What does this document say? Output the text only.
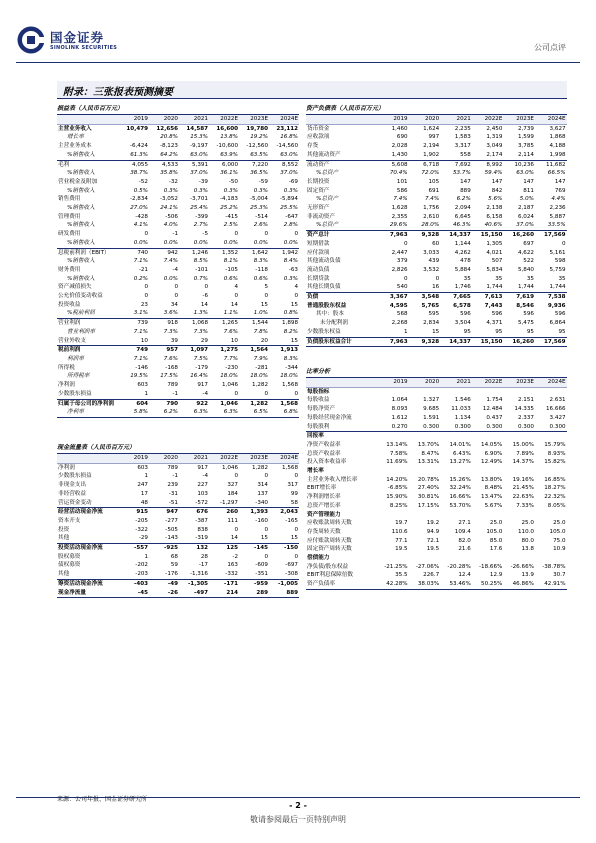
国金证券
SINOLINK SECURITIES	公司点评
附录：三张报表预测摘要
损益表（人民币百万元）
	2019	2020	2021	2022E	2023E	2024E
主营业务收入	10,479	12,656	14,587	16,600	19,780	23,112
增长率		20.8%	15.3%	13.8%	19.2%	16.8%
主营业务成本	-6,424	-8,123	-9,197	-10,600	-12,560	-14,560
%销售收入	61.3%	64.2%	63.0%	63.9%	63.5%	63.0%
毛利	4,055	4,533	5,391	6,000	7,220	8,552
%销售收入	38.7%	35.8%	37.0%	36.1%	36.5%	37.0%
营业税金及附加	-52	-32	-39	-50	-59	-69
%销售收入	0.5%	0.3%	0.3%	0.3%	0.3%	0.3%
销售费用	-2,834	-3,052	-3,701	-4,183	-5,004	-5,894
%销售收入	27.0%	24.1%	25.4%	25.2%	25.3%	25.5%
管理费用	-428	-506	-399	-415	-514	-647
%销售收入	4.1%	4.0%	2.7%	2.5%	2.6%	2.8%
研发费用	0	-1	-5	0	0	0
%销售收入	0.0%	0.0%	0.0%	0.0%	0.0%	0.0%
息税前利润（EBIT）	740	942	1,246	1,352	1,642	1,942
%销售收入	7.1%	7.4%	8.5%	8.1%	8.3%	8.4%
财务费用	-21	-4	-101	-105	-118	-63
%销售收入	0.2%	0.0%	0.7%	0.6%	0.6%	0.3%
资产减值损失	0	0	0	4	5	4
公允价值变动收益	0	0	-6	0	0	0
投资收益	23	34	14	14	15	15
%税前利润	3.1%	3.6%	1.3%	1.1%	1.0%	0.8%
营业利润	739	918	1,068	1,265	1,544	1,898
营业利润率	7.1%	7.3%	7.3%	7.6%	7.8%	8.2%
营业外收支	10	39	29	10	20	15
税前利润	749	957	1,097	1,275	1,564	1,913
利润率	7.1%	7.6%	7.5%	7.7%	7.9%	8.3%
所得税	-146	-168	-179	-230	-281	-344
所得税率	19.5%	17.5%	16.4%	18.0%	18.0%	18.0%
净利润	603	789	917	1,046	1,282	1,568
少数股东损益	1	-1	-4	0	0	0
归属于母公司的净利润	604	790	922	1,046	1,282	1,568
净利率	5.8%	6.2%	6.3%	6.3%	6.5%	6.8%
资产负债表（人民币百万元）
	2019	2020	2021	2022E	2023E	2024E
货币资金	1,460	1,624	2,235	2,450	2,739	3,627
应收款项	690	997	1,583	1,319	1,599	1,868
存货	2,028	2,194	3,317	3,049	3,785	4,188
其他流动资产	1,430	1,902	558	2,174	2,114	1,998
流动资产	5,608	6,718	7,692	8,992	10,236	11,682
%总资产	70.4%	72.0%	53.7%	59.4%	63.0%	66.5%
长期投资	101	105	147	147	147	147
固定资产	586	691	889	842	811	769
%总资产	7.4%	7.4%	6.2%	5.6%	5.0%	4.4%
无形资产	1,628	1,756	2,094	2,138	2,187	2,236
非流动资产	2,355	2,610	6,645	6,158	6,024	5,887
%总资产	29.6%	28.0%	46.3%	40.6%	37.0%	33.5%
资产总计	7,963	9,328	14,337	15,150	16,260	17,569
短期借款	0	60	1,144	1,305	697	0
应付款项	2,447	3,033	4,262	4,021	4,622	5,161
其他流动负债	379	439	478	507	522	598
流动负债	2,826	3,532	5,884	5,834	5,840	5,759
长期贷款	0	0	35	35	35	35
其他长期负债	540	16	1,746	1,744	1,744	1,744
负债	3,367	3,548	7,665	7,613	7,619	7,538
普通股股东权益	4,595	5,765	6,578	7,443	8,546	9,936
其中：股本	568	595	596	596	596	596
未分配利润	2,268	2,834	3,504	4,371	5,475	6,864
少数股东权益	1	15	95	95	95	95
负债股东权益合计	7,963	9,328	14,337	15,150	16,260	17,569
比率分析
	2019	2020	2021	2022E	2023E	2024E
每股指标						
每股收益	1.064	1.327	1.546	1.754	2.151	2.631
每股净资产	8.093	9.685	11.033	12.484	14.335	16.666
每股经营现金净流	1.612	1.591	1.134	0.437	2.337	3.427
每股股利	0.270	0.300	0.300	0.300	0.300	0.300
回报率						
净资产收益率	13.14%	13.70%	14.01%	14.05%	15.00%	15.79%
总资产收益率	7.58%	8.47%	6.43%	6.90%	7.89%	8.93%
投入资本收益率	11.69%	13.31%	13.27%	12.49%	14.37%	15.82%
增长率						
主营业务收入增长率	14.20%	20.78%	15.26%	13.80%	19.16%	16.85%
EBIT增长率	-6.85%	27.40%	32.24%	8.48%	21.45%	18.27%
净利润增长率	15.90%	30.81%	16.66%	13.47%	22.63%	22.32%
总资产增长率	8.25%	17.15%	53.70%	5.67%	7.33%	8.05%
资产管理能力						
应收账款周转天数	19.7	19.2	27.1	25.0	25.0	25.0
存货周转天数	110.6	94.9	109.4	105.0	110.0	105.0
应付账款周转天数	77.1	72.1	82.0	85.0	80.0	75.0
固定资产周转天数	19.5	19.5	21.6	17.6	13.8	10.9
偿债能力						
净负债/股东权益	-21.25%	-27.06%	-20.28%	-18.66%	-26.66%	-38.78%
EBIT利息保障倍数	35.5	226.7	12.4	12.9	13.9	30.7
资产负债率	42.28%	38.03%	53.46%	50.25%	46.86%	42.91%
现金流量表（人民币百万元）
	2019	2020	2021	2022E	2023E	2024E
净利润	603	789	917	1,046	1,282	1,568
少数股东损益	1	-1	-4	0	0	0
非现金支出	247	239	227	327	314	317
非经营收益	17	-31	103	184	137	99
营运资金变动	48	-51	-572	-1,297	-340	58
经营活动现金净流	915	947	676	260	1,393	2,043
资本开支	-205	-277	-387	111	-160	-165
投资	-322	-505	838	0	0	0
其他	-29	-143	-319	14	15	15
投资活动现金净流	-557	-925	132	125	-145	-150
股权募资	1	68	28	-2	0	0
债权募资	-202	59	-17	163	-609	-697
其他	-203	-176	-1,316	-332	-351	-308
筹资活动现金净流	-403	-49	-1,305	-171	-959	-1,005
现金净流量	-45	-26	-497	214	289	889
来源：公司年报、国金证券研究所
- 2 -
敬请参阅最后一页特别声明
